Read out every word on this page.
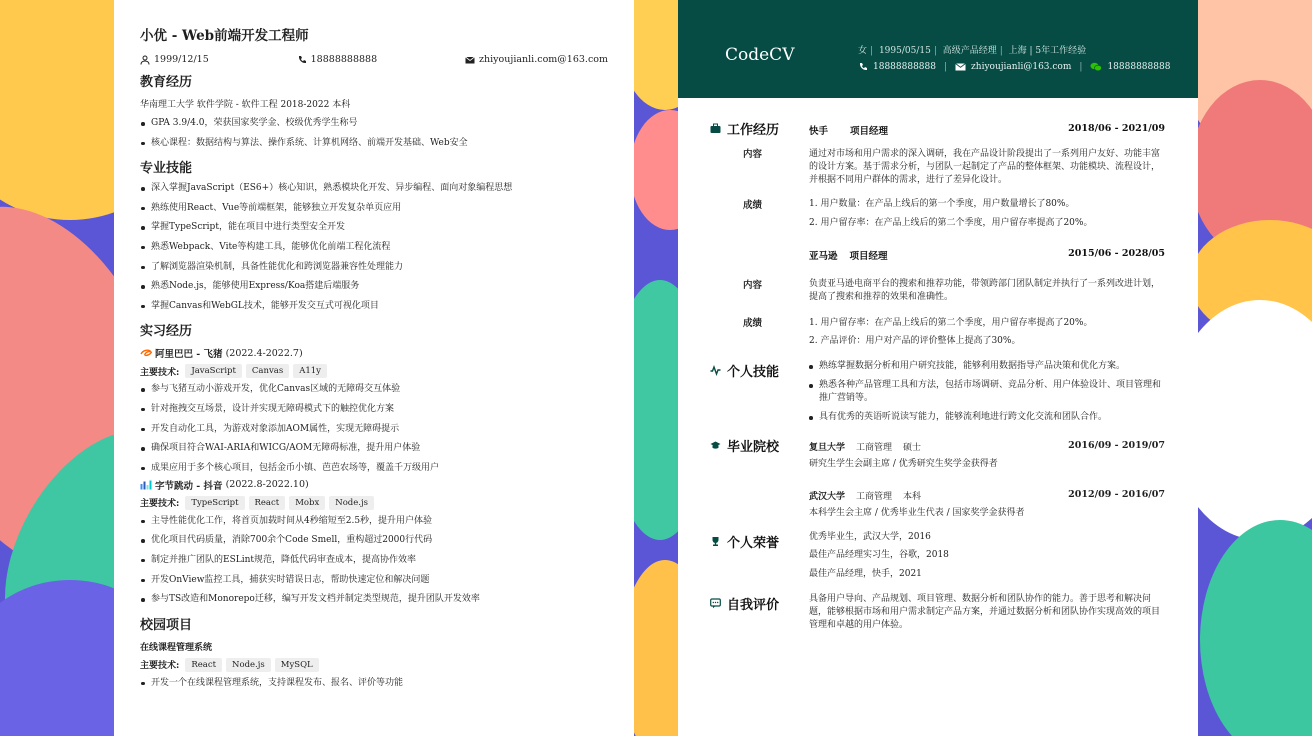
小优 - Web前端开发工程师
1999/12/15	18888888888	zhiyoujianli.com@163.com
教育经历
华南理工大学 软件学院 - 软件工程 2018-2022 本科
GPA 3.9/4.0，荣获国家奖学金、校级优秀学生称号
核心课程：数据结构与算法、操作系统、计算机网络、前端开发基础、Web安全
专业技能
深入掌握JavaScript（ES6+）核心知识，熟悉模块化开发、异步编程、面向对象编程思想
熟练使用React、Vue等前端框架，能够独立开发复杂单页应用
掌握TypeScript，能在项目中进行类型安全开发
熟悉Webpack、Vite等构建工具，能够优化前端工程化流程
了解浏览器渲染机制，具备性能优化和跨浏览器兼容性处理能力
熟悉Node.js，能够使用Express/Koa搭建后端服务
掌握Canvas和WebGL技术，能够开发交互式可视化项目
实习经历
阿里巴巴 - 飞猪 (2022.4-2022.7)
主要技术:	JavaScript	Canvas	A11y
参与飞猪互动小游戏开发，优化Canvas区域的无障碍交互体验
针对拖拽交互场景，设计并实现无障碍模式下的触控优化方案
开发自动化工具，为游戏对象添加AOM属性，实现无障碍提示
确保项目符合WAI-ARIA和WICG/AOM无障碍标准，提升用户体验
成果应用于多个核心项目，包括金币小镇、芭芭农场等，覆盖千万级用户
字节跳动 - 抖音 (2022.8-2022.10)
主要技术:	TypeScript	React	Mobx	Node.js
主导性能优化工作，将首页加载时间从4秒缩短至2.5秒，提升用户体验
优化项目代码质量，消除700余个Code Smell，重构超过2000行代码
制定并推广团队的ESLint规范，降低代码审查成本，提高协作效率
开发OnView监控工具，捕获实时错误日志，帮助快速定位和解决问题
参与TS改造和Monorepo迁移，编写开发文档并制定类型规范，提升团队开发效率
校园项目
在线课程管理系统
主要技术:	React	Node.js	MySQL
开发一个在线课程管理系统，支持课程发布、报名、评价等功能
CodeCV	女 | 1995/05/15 | 高级产品经理 | 上海 | 5年工作经验
18888888888 |	zhiyoujianli@163.com |	18888888888
工作经历	快手 项目经理	2018/06 - 2021/09
内容	通过对市场和用户需求的深入调研，我在产品设计阶段提出了一系列用户友好、功能丰富的设计方案。基于需求分析，与团队一起制定了产品的整体框架、功能模块、流程设计，并根据不同用户群体的需求，进行了差异化设计。
成绩	1. 用户数量：在产品上线后的第一个季度，用户数量增长了80%。
2. 用户留存率：在产品上线后的第二个季度，用户留存率提高了20%。
亚马逊 项目经理	2015/06 - 2028/05
内容	负责亚马逊电商平台的搜索和推荐功能，带领跨部门团队制定并执行了一系列改进计划，提高了搜索和推荐的效果和准确性。
成绩	1. 用户留存率：在产品上线后的第二个季度，用户留存率提高了20%。
2. 产品评价：用户对产品的评价整体上提高了30%。
个人技能	熟练掌握数据分析和用户研究技能，能够利用数据指导产品决策和优化方案。
熟悉各种产品管理工具和方法，包括市场调研、竞品分析、用户体验设计、项目管理和推广营销等。
具有优秀的英语听说读写能力，能够流利地进行跨文化交流和团队合作。
毕业院校	复旦大学	工商管理	硕士	2016/09 - 2019/07
研究生学生会副主席 / 优秀研究生奖学金获得者
武汉大学	工商管理	本科	2012/09 - 2016/07
本科学生会主席 / 优秀毕业生代表 / 国家奖学金获得者
个人荣誉	优秀毕业生，武汉大学，2016
最佳产品经理实习生，谷歌，2018
最佳产品经理，快手，2021
自我评价	具备用户导向、产品规划、项目管理、数据分析和团队协作的能力。善于思考和解决问题，能够根据市场和用户需求制定产品方案，并通过数据分析和团队协作实现高效的项目管理和卓越的用户体验。
